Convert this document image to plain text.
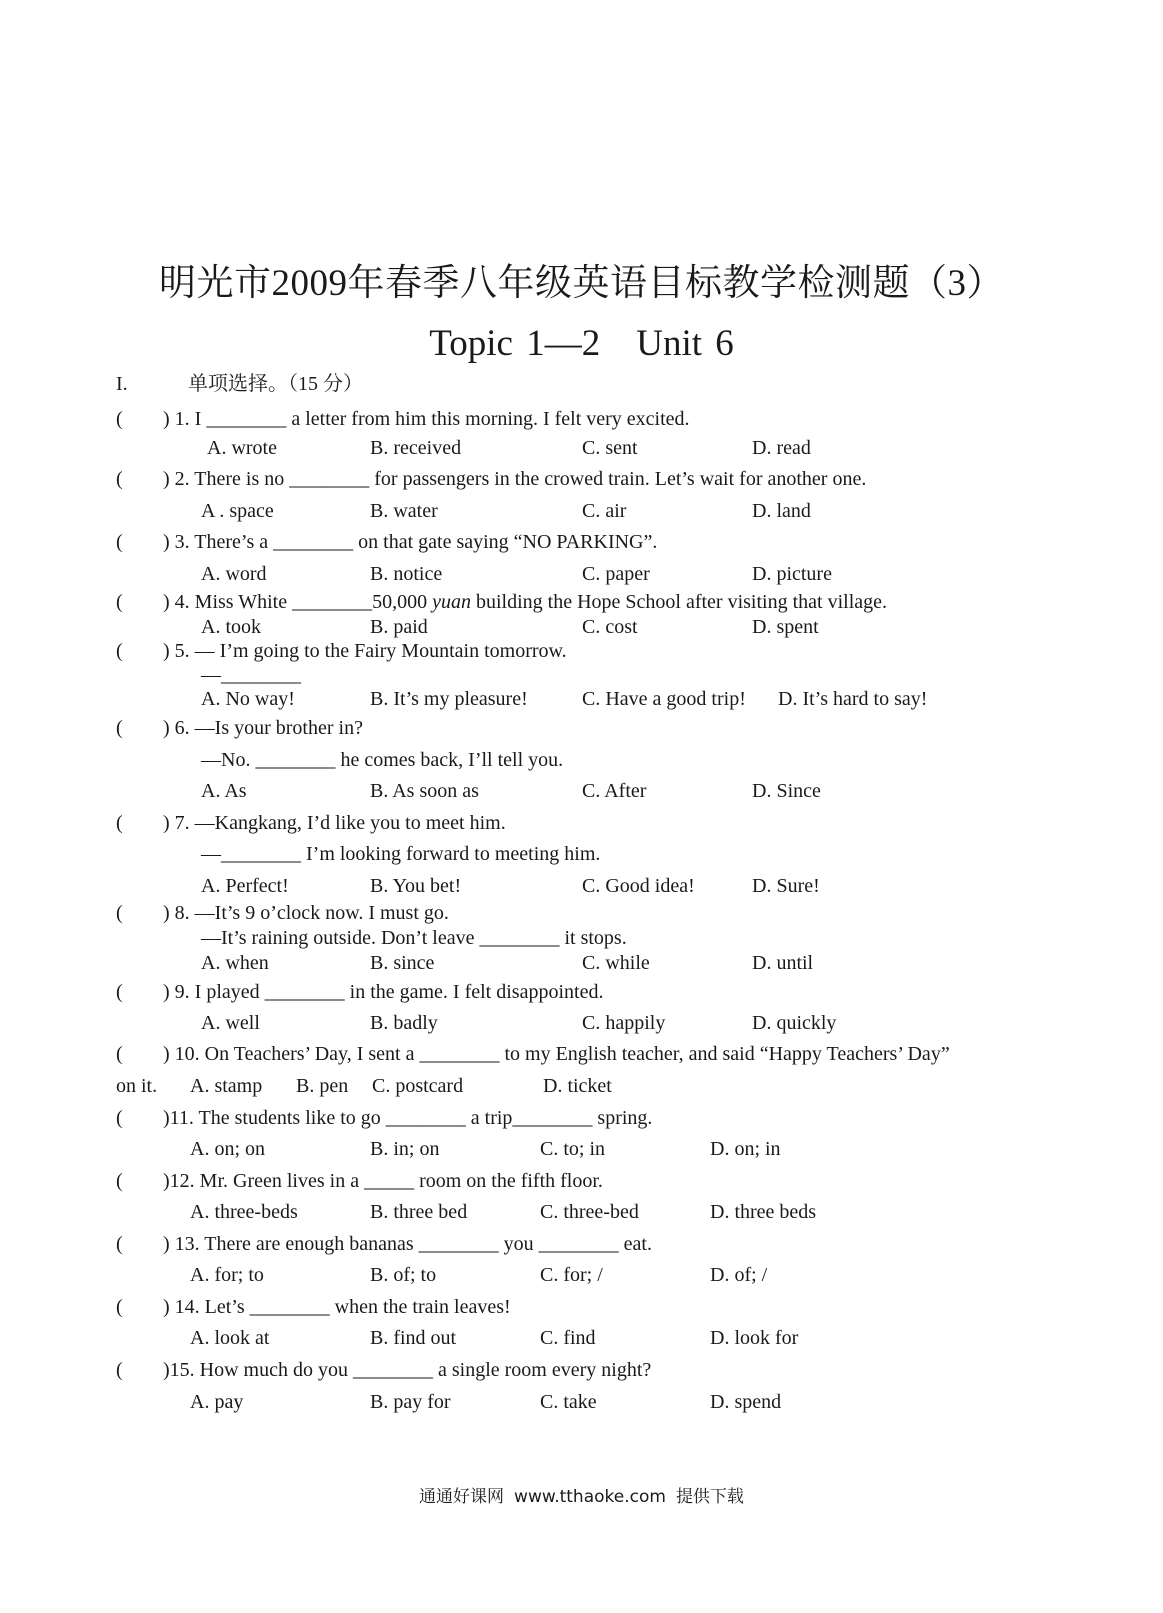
明光市2009年春季八年级英语目标教学检测题（3）
Topic 1—2 Unit 6
I.	单项选择。（15 分）
( ) 1. I ________ a letter from him this morning. I felt very excited.
A. wrote	B. received	C. sent	D. read
( ) 2. There is no ________ for passengers in the crowed train. Let’s wait for another one.
A . space	B. water	C. air	D. land
( ) 3. There’s a ________ on that gate saying “NO PARKING”.
A. word	B. notice	C. paper	D. picture
( ) 4. Miss White ________50,000 yuan building the Hope School after visiting that village.
A. took	B. paid	C. cost	D. spent
( ) 5. — I’m going to the Fairy Mountain tomorrow.
—________
A. No way!	B. It’s my pleasure!	C. Have a good trip! D. It’s hard to say!
( ) 6. —Is your brother in?
—No. ________ he comes back, I’ll tell you.
A. As	B. As soon as	C. After	D. Since
( ) 7. —Kangkang, I’d like you to meet him.
—________ I’m looking forward to meeting him.
A. Perfect!	B. You bet!	C. Good idea!	D. Sure!
( ) 8. —It’s 9 o’clock now. I must go.
—It’s raining outside. Don’t leave ________ it stops.
A. when	B. since	C. while	D. until
( ) 9. I played ________ in the game. I felt disappointed.
A. well	B. badly	C. happily	D. quickly
( ) 10. On Teachers’ Day, I sent a ________ to my English teacher, and said “Happy Teachers’ Day”
on it. A. stamp B. pen C. postcard	D. ticket
( )11. The students like to go ________ a trip________ spring.
A. on; on	B. in; on	C. to; in	D. on; in
( )12. Mr. Green lives in a _____ room on the fifth floor.
A. three-beds	B. three bed	C. three-bed	D. three beds
( ) 13. There are enough bananas ________ you ________ eat.
A. for; to	B. of; to	C. for; /	D. of; /
( ) 14. Let’s ________ when the train leaves!
A. look at	B. find out	C. find	D. look for
( )15. How much do you ________ a single room every night?
A. pay	B. pay for	C. take	D. spend
通通好课网 www.tthaoke.com 提供下载
